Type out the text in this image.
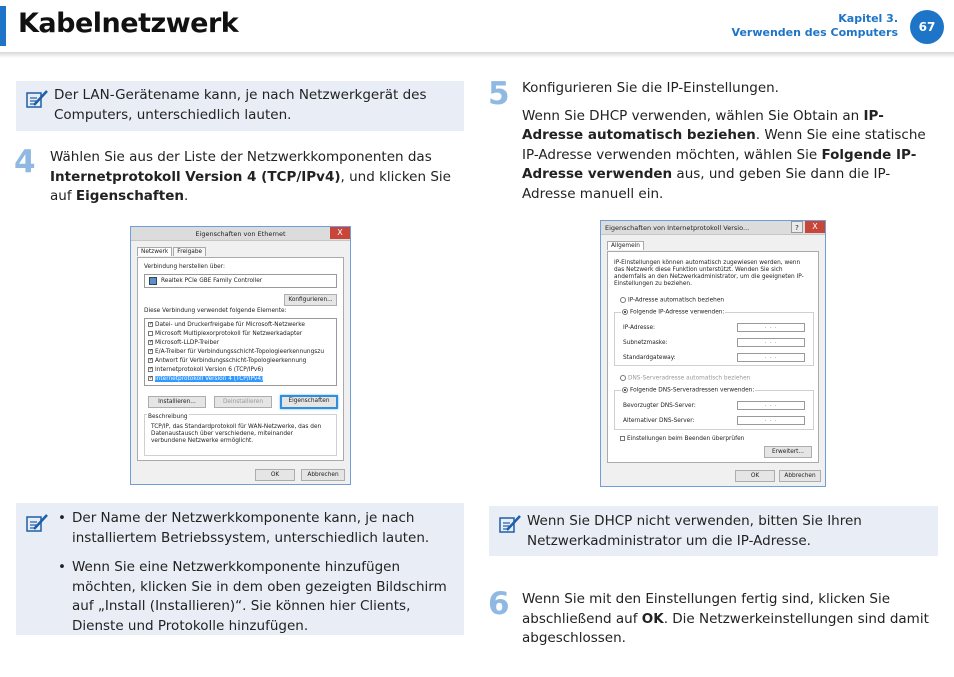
Kabelnetzwerk	Kapitel 3.
Verwenden des Computers	67
Der LAN-Gerätename kann, je nach Netzwerkgerät des Computers, unterschiedlich lauten.
4 Wählen Sie aus der Liste der Netzwerkkomponenten das Internetprotokoll Version 4 (TCP/IPv4), und klicken Sie auf Eigenschaften.
Eigenschaften von Ethernet	X
Netzwerk	Freigabe
Verbindung herstellen über:
Realtek PCIe GBE Family Controller
Konfigurieren...
Diese Verbindung verwendet folgende Elemente:
✓ Datei- und Druckerfreigabe für Microsoft-Netzwerke
Microsoft Multiplexorprotokoll für Netzwerkadapter
✓ Microsoft-LLDP-Treiber
✓ E/A-Treiber für Verbindungsschicht-Topologieerkennungszu
✓ Antwort für Verbindungsschicht-Topologieerkennung
✓ Internetprotokoll Version 6 (TCP/IPv6)
✓ Internetprotokoll Version 4 (TCP/IPv4)
Installieren...	Deinstallieren	Eigenschaften
Beschreibung
TCP/IP, das Standardprotokoll für WAN-Netzwerke, das den Datenaustausch über verschiedene, miteinander verbundene Netzwerke ermöglicht.
OK	Abbrechen
• Der Name der Netzwerkkomponente kann, je nach installiertem Betriebssystem, unterschiedlich lauten.
• Wenn Sie eine Netzwerkkomponente hinzufügen möchten, klicken Sie in dem oben gezeigten Bildschirm auf „Install (Installieren)“. Sie können hier Clients, Dienste und Protokolle hinzufügen.
5 Konfigurieren Sie die IP-Einstellungen.

Wenn Sie DHCP verwenden, wählen Sie Obtain an IP-Adresse automatisch beziehen. Wenn Sie eine statische IP-Adresse verwenden möchten, wählen Sie Folgende IP-Adresse verwenden aus, und geben Sie dann die IP-Adresse manuell ein.

Eigenschaften von Internetprotokoll Versio...	?	X
Allgemein
IP-Einstellungen können automatisch zugewiesen werden, wenn das Netzwerk diese Funktion unterstützt. Wenden Sie sich andernfalls an den Netzwerkadministrator, um die geeigneten IP-Einstellungen zu beziehen.
IP-Adresse automatisch beziehen
Folgende IP-Adresse verwenden:
IP-Adresse:	. . .
Subnetzmaske:	. . .
Standardgateway:	. . .
DNS-Serveradresse automatisch beziehen
Folgende DNS-Serveradressen verwenden:
Bevorzugter DNS-Server:	. . .
Alternativer DNS-Server:	. . .
Einstellungen beim Beenden überprüfen
Erweitert...
OK	Abbrechen
Wenn Sie DHCP nicht verwenden, bitten Sie Ihren Netzwerkadministrator um die IP-Adresse.
6 Wenn Sie mit den Einstellungen fertig sind, klicken Sie abschließend auf OK. Die Netzwerkeinstellungen sind damit abgeschlossen.
